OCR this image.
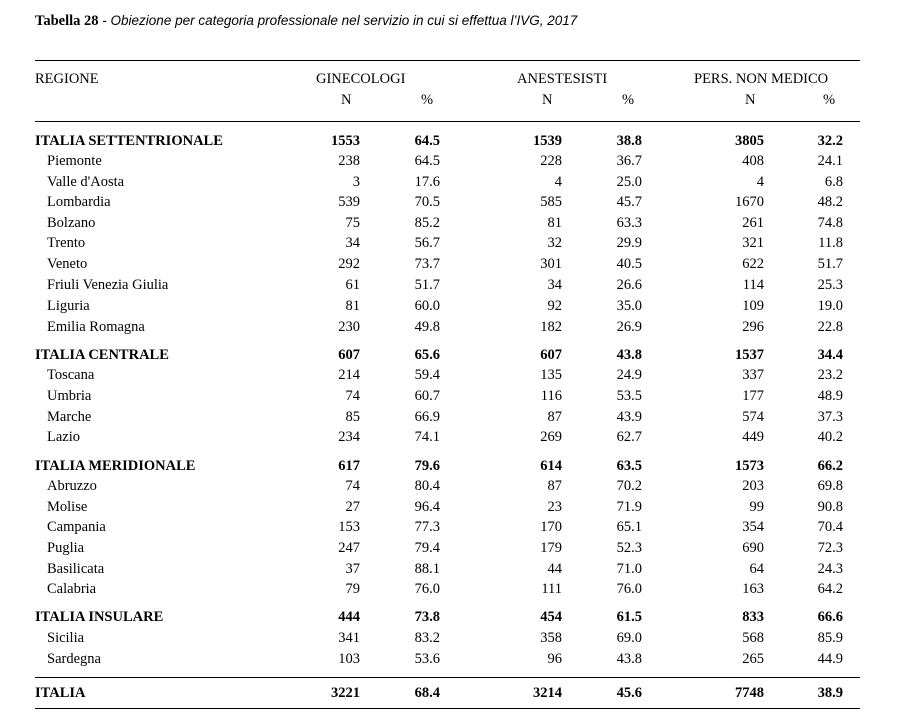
Tabella 28 - Obiezione per categoria professionale nel servizio in cui si effettua l’IVG, 2017
REGIONE	GINECOLOGI	ANESTESISTI	PERS. NON MEDICO
N	%	N	%	N	%
ITALIA SETTENTRIONALE	1553	64.5	1539	38.8	3805	32.2
Piemonte	238	64.5	228	36.7	408	24.1
Valle d'Aosta	3	17.6	4	25.0	4	6.8
Lombardia	539	70.5	585	45.7	1670	48.2
Bolzano	75	85.2	81	63.3	261	74.8
Trento	34	56.7	32	29.9	321	11.8
Veneto	292	73.7	301	40.5	622	51.7
Friuli Venezia Giulia	61	51.7	34	26.6	114	25.3
Liguria	81	60.0	92	35.0	109	19.0
Emilia Romagna	230	49.8	182	26.9	296	22.8
ITALIA CENTRALE	607	65.6	607	43.8	1537	34.4
Toscana	214	59.4	135	24.9	337	23.2
Umbria	74	60.7	116	53.5	177	48.9
Marche	85	66.9	87	43.9	574	37.3
Lazio	234	74.1	269	62.7	449	40.2
ITALIA MERIDIONALE	617	79.6	614	63.5	1573	66.2
Abruzzo	74	80.4	87	70.2	203	69.8
Molise	27	96.4	23	71.9	99	90.8
Campania	153	77.3	170	65.1	354	70.4
Puglia	247	79.4	179	52.3	690	72.3
Basilicata	37	88.1	44	71.0	64	24.3
Calabria	79	76.0	111	76.0	163	64.2
ITALIA INSULARE	444	73.8	454	61.5	833	66.6
Sicilia	341	83.2	358	69.0	568	85.9
Sardegna	103	53.6	96	43.8	265	44.9
ITALIA	3221	68.4	3214	45.6	7748	38.9
